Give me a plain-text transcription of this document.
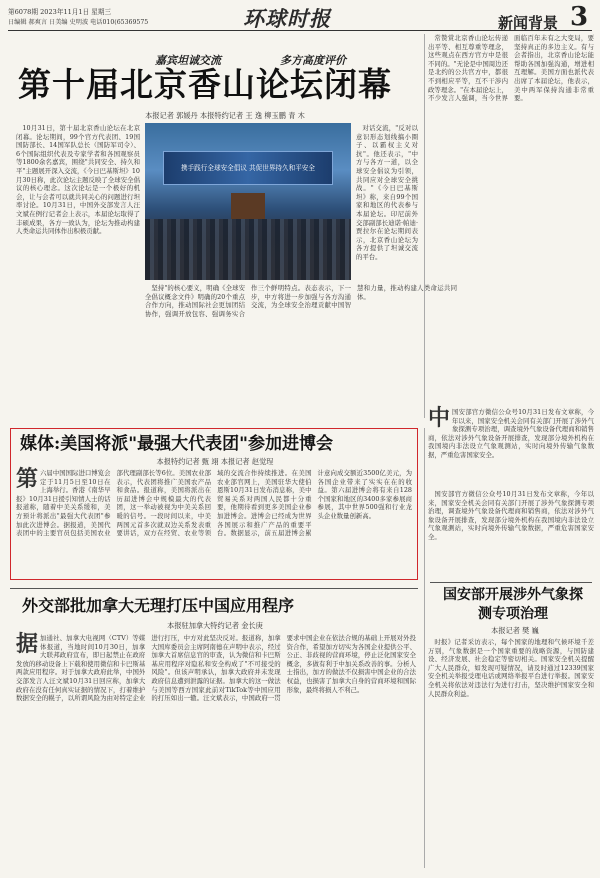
第6078期 2023年11月1日 星期三
日编辑 郝爽言 日美编 史明波 电话010(65369575	环球时报	新闻背景 3
嘉宾坦诚交流	多方高度评价
第十届北京香山论坛闭幕
本报记者 郭媛丹 本报特约记者 王 逸 柳玉鹏 青 木

10月31日，第十届北京香山论坛在北京闭幕。论坛期间，99个官方代表团、19国国防部长、14国军队总长（国防军司令）、6个国际组织代表及专家学者和各国观察员等1800余名嘉宾，围绕"共同安全、持久和平"主题展开深入交流，《今日巴基斯坦》10月30日称，此次论坛主题反映了全球安全倡议的核心理念。这次论坛是一个极好的机会，让与会者可以就共同关心的问题进行坦率讨论。10月31日，中国外交部发言人汪文斌在例行记者会上表示，本届论坛取得了丰硕成果，各方一致认为，论坛为推动构建人类命运共同体作出积极贡献。

携手践行全球安全倡议 共促世界持久和平安全

坚持"的核心要义，明确《全球安全倡议概念文件》明确的20个重点合作方向，推动国际社会更加团结协作，强调开放包容、强调务实合作三个鲜明特点。表态表示，下一步，中方将进一步加强与各方沟通交流，为全球安全治理贡献中国智慧和力量，推动构建人类命运共同体。

对话交流，"反对以意识形态划线搞小圈子、以霸权主义对抗"。他还表示，"中方与各方一道，以全球安全倡议为引领，共同应对全球安全挑战。"《今日巴基斯坦》称，来自99个国家和地区的代表参与本届论坛。印尼前外交部副部长迪诺·帕迪·贾拉尔在论坛期间表示，北京香山论坛为各方提供了坦诚交流的平台。

常赞赏北京香山论坛传递出平等、相互尊重等理念，这些观点在西方官方中是很不同的。"无论是中国周边还是北约的公共官方中，都很不到相应平等，互不干涉内政等理念。"在本届论坛上，不少发言人强调，当今世界面临百年未有之大变局，要坚持真正的多边主义。有与会者指出，北京香山论坛能帮助各国加强沟通，增进相互理解。美国方面也派代表出席了本届论坛，他表示，美中两军保持沟通非常重要。

媒体:美国将派"最强大代表团"参加进博会
本报特约记者 甄 翊 本报记者 赵觉珵
第六届中国国际进口博览会定于11月5日至10日在上海举行。香港《南华早报》10月31日援引知情人士的话报道称，随着中美关系缓和，美方预计将派出"最强大代表团"参加此次进博会。据报道，美国代表团中的主要官员包括美国农业部代理副部长等6位。美国农业部表示，代表团将推广美国农产品和食品。报道称，美国将派出在历届进博会中规模最大的代表团，这一举动被视为中美关系回暖的信号。一段时间以来，中美两国元首多次就双边关系发表重要讲话，双方在经贸、农业等领域的交流合作持续推进。在美国农业部官网上，美国驻华大使伯恩斯10月31日发布消息称，美中贸易关系对两国人民都十分重要，他期待看到更多美国企业参加进博会。进博会已经成为世界各国展示和推广产品的重要平台。数据显示，前五届进博会累计意向成交额近3500亿美元，为各国企业带来了实实在在的收益。第六届进博会将有来自128个国家和地区的3400多家参展商参展，其中世界500强和行业龙头企业数量创新高。
中国安部官方微信公众号10月31日发布文章称，今年以来，国家安全机关会同有关部门开展了涉外气象探测专项治理，调查境外气象设备代理商和销售商，依法对涉外气象设备开展排查，发现部分境外机构在我国境内非法设立气象观测站，实时向境外传输气象数据，严重危害国家安全。

国安部官方微信公众号10月31日发布文章称，今年以来，国家安全机关会同有关部门开展了涉外气象探测专项治理，调查境外气象设备代理商和销售商，依法对涉外气象设备开展排查，发现部分境外机构在我国境内非法设立气象观测站，实时向境外传输气象数据，严重危害国家安全。

国安部开展涉外气象探测专项治理
本报记者 樊 巍

时报》记者采访表示，每个国家的地理和气候环境千差万别，气象数据是一个国家重要的战略资源，与国防建设、经济发展、社会稳定等密切相关。国家安全机关提醒广大人民群众，如发现可疑情况，请及时通过12339国家安全机关举报受理电话或网络举报平台进行举报。国家安全机关将依法对违法行为进行打击，坚决维护国家安全和人民群众利益。

外交部批加拿大无理打压中国应用程序
本报驻加拿大特约记者 金长庚
据加通社、加拿大电视网（CTV）等媒体报道，当地时间10月30日，加拿大联邦政府宣布，即日起禁止在政府发放的移动设备上下载和使用微信和卡巴斯基两款应用程序。对于加拿大政府此举，中国外交部发言人汪文斌10月31日回应称，加拿大政府在没有任何真实证据的情况下，打着维护数据安全的幌子，以所谓风险为由对特定企业进行打压，中方对此坚决反对。报道称，加拿大国库委员会主席阿南德在声明中表示，经过加拿大首席信息官的审查，认为微信和卡巴斯基应用程序对隐私和安全构成了"不可接受的风险"。但该声明承认，加拿大政府并未发现政府信息遭到泄露的证据。加拿大的这一做法与美国等西方国家此前对TikTok等中国应用的打压如出一辙。汪文斌表示，中国政府一贯要求中国企业在依法合规的基础上开展对外投资合作，希望加方切实为各国企业提供公平、公正、非歧视的营商环境，停止泛化国家安全概念，多做有利于中加关系改善的事。分析人士指出，加方的做法不仅损害中国企业的合法权益，也损害了加拿大自身的营商环境和国际形象，最终将损人不利己。
